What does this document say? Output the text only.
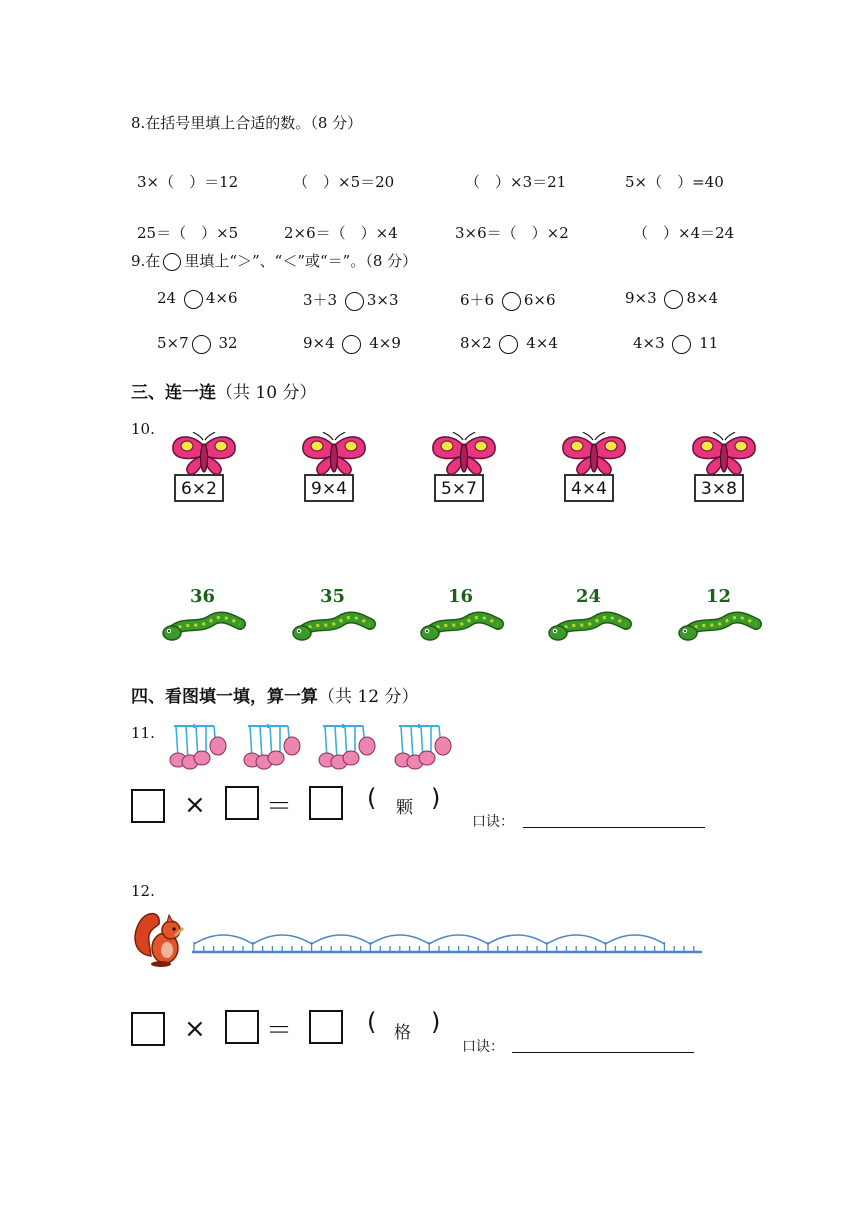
8.在括号里填上合适的数。（8 分）
3×（　）＝12	（　）×5＝20	（　）×3＝21	5×（　）=40
25＝（　）×5	2×6＝（　）×4	3×6＝（　）×2	（　）×4＝24
9.在 里填上“＞”、“＜”或“＝”。（8 分）
24 4×6	3＋3 3×3	6＋6 6×6	9×3 8×4
5×7 32	9×4 4×9	8×2 4×4	4×3 11
三、连一连（共 10 分）
10.
6×2	9×4	5×7	4×4	3×8
36	35	16	24	12
四、看图填一填，算一算（共 12 分）
11.
× ＝	( 颗 )
口诀：
12.
× ＝	( 格 )
口诀：
